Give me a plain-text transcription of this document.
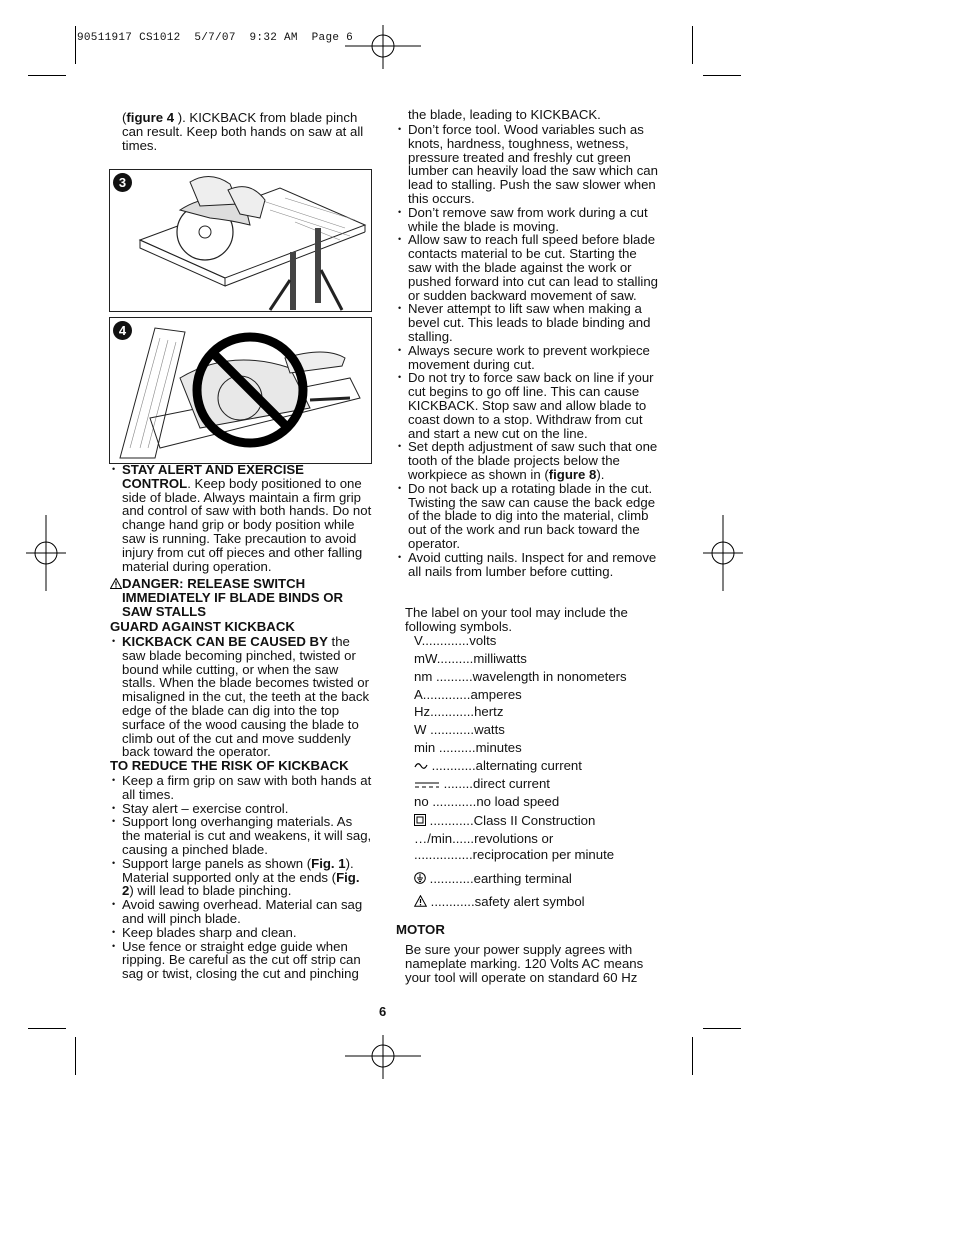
90511917 CS1012  5/7/07  9:32 AM  Page 6
(figure 4 ). KICKBACK from blade pinch can result. Keep both hands on saw at all times.
3
4
• STAY ALERT AND EXERCISE CONTROL. Keep body positioned to one side of blade. Always maintain a firm grip and control of saw with both hands. Do not change hand grip or body position while saw is running. Take precaution to avoid injury from cut off pieces and other falling material during operation.
DANGER: RELEASE SWITCH IMMEDIATELY IF BLADE BINDS OR SAW STALLS
GUARD AGAINST KICKBACK
• KICKBACK CAN BE CAUSED BY the saw blade becoming pinched, twisted or bound while cutting, or when the saw stalls. When the blade becomes twisted or misaligned in the cut, the teeth at the back edge of the blade can dig into the top surface of the wood causing the blade to climb out of the cut and move suddenly back toward the operator.
TO REDUCE THE RISK OF KICKBACK
• Keep a firm grip on saw with both hands at all times.
• Stay alert – exercise control.
• Support long overhanging materials. As the material is cut and weakens, it will sag, causing a pinched blade.
• Support large panels as shown (Fig. 1). Material supported only at the ends (Fig. 2) will lead to blade pinching.
• Avoid sawing overhead. Material can sag and will pinch blade.
• Keep blades sharp and clean.
• Use fence or straight edge guide when ripping. Be careful as the cut off strip can sag or twist, closing the cut and pinching
the blade, leading to KICKBACK.
• Don’t force tool. Wood variables such as knots, hardness, toughness, wetness, pressure treated and freshly cut green lumber can heavily load the saw which can lead to stalling. Push the saw slower when this occurs.
• Don’t remove saw from work during a cut while the blade is moving.
• Allow saw to reach full speed before blade contacts material to be cut. Starting the saw with the blade against the work or pushed forward into cut can lead to stalling or sudden backward movement of saw.
• Never attempt to lift saw when making a bevel cut. This leads to blade binding and stalling.
• Always secure work to prevent workpiece movement during cut.
• Do not try to force saw back on line if your cut begins to go off line. This can cause KICKBACK. Stop saw and allow blade to coast down to a stop. Withdraw from cut and start a new cut on the line.
• Set depth adjustment of saw such that one tooth of the blade projects below the workpiece as shown in (figure 8).
• Do not back up a rotating blade in the cut. Twisting the saw can cause the back edge of the blade to dig into the material, climb out of the work and run back toward the operator.
• Avoid cutting nails. Inspect for and remove all nails from lumber before cutting.
The label on your tool may include the following symbols.
V.............volts
mW..........milliwatts
nm ..........wavelength in nonometers
A.............amperes
Hz............hertz
W ............watts
min ..........minutes
............alternating current
........direct current
no ............no load speed
............Class II Construction
…/min......revolutions or
................reciprocation per minute
............earthing terminal
............safety alert symbol
MOTOR
Be sure your power supply agrees with nameplate marking. 120 Volts AC means your tool will operate on standard 60 Hz
6
